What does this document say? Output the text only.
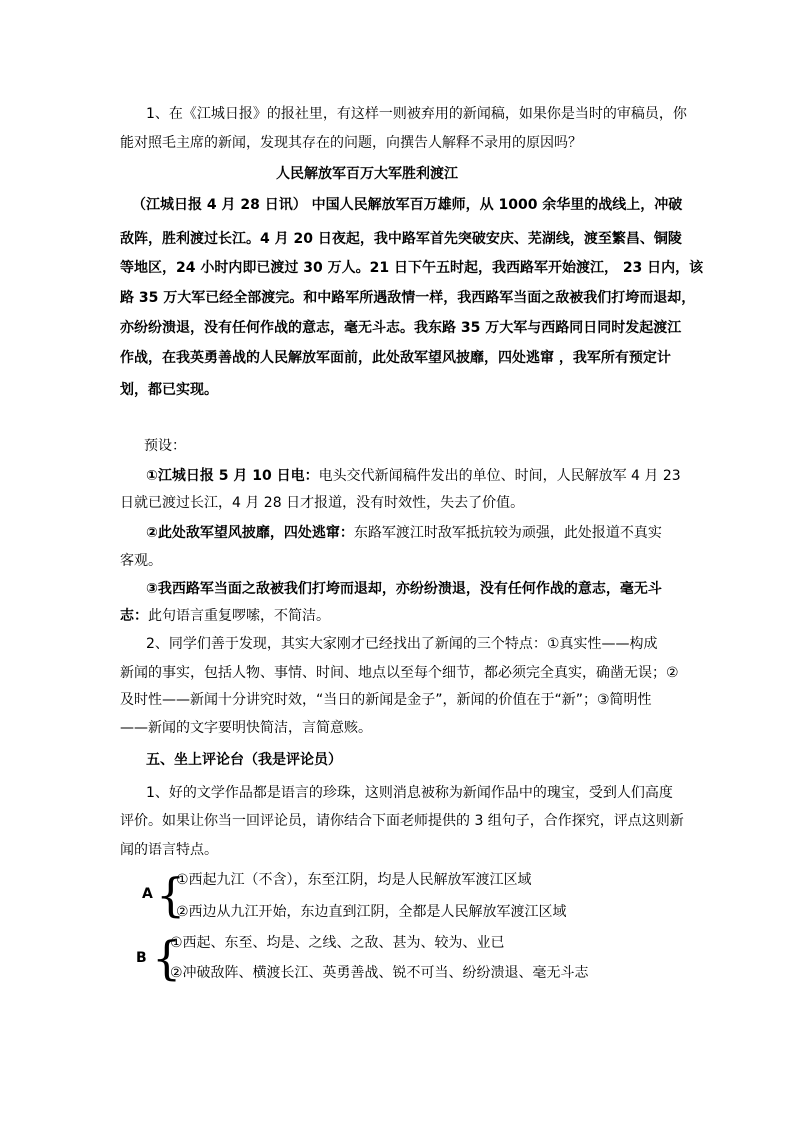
1、在《江城日报》的报社里，有这样一则被弃用的新闻稿，如果你是当时的审稿员，你
能对照毛主席的新闻，发现其存在的问题，向撰告人解释不录用的原因吗？
人民解放军百万大军胜利渡江
（江城日报 4 月 28 日讯） 中国人民解放军百万雄师，从 1000 余华里的战线上，冲破
敌阵，胜利渡过长江。4 月 20 日夜起，我中路军首先突破安庆、芜湖线，渡至繁昌、铜陵
等地区，24 小时内即已渡过 30 万人。21 日下午五时起，我西路军开始渡江， 23 日内，该
路 35 万大军已经全部渡完。和中路军所遇敌情一样，我西路军当面之敌被我们打垮而退却，
亦纷纷溃退，没有任何作战的意志，毫无斗志。我东路 35 万大军与西路同日同时发起渡江
作战，在我英勇善战的人民解放军面前，此处敌军望风披靡，四处逃窜 ，我军所有预定计
划，都已实现。
预设：
①江城日报 5 月 10 日电：电头交代新闻稿件发出的单位、时间，人民解放军 4 月 23
日就已渡过长江，4 月 28 日才报道，没有时效性，失去了价值。
②此处敌军望风披靡，四处逃窜：东路军渡江时敌军抵抗较为顽强，此处报道不真实
客观。
③我西路军当面之敌被我们打垮而退却，亦纷纷溃退，没有任何作战的意志，毫无斗
志：此句语言重复啰嗦，不简洁。
2、同学们善于发现，其实大家刚才已经找出了新闻的三个特点：①真实性——构成
新闻的事实，包括人物、事情、时间、地点以至每个细节，都必须完全真实，确凿无误；②
及时性——新闻十分讲究时效，“当日的新闻是金子”，新闻的价值在于“新”；③简明性
——新闻的文字要明快简洁，言简意赅。
五、坐上评论台（我是评论员）
1、好的文学作品都是语言的珍珠，这则消息被称为新闻作品中的瑰宝，受到人们高度
评价。如果让你当一回评论员，请你结合下面老师提供的 3 组句子，合作探究，评点这则新
闻的语言特点。
A {
①西起九江（不含），东至江阴，均是人民解放军渡江区域
②西边从九江开始，东边直到江阴，全都是人民解放军渡江区域
B {
①西起、东至、均是、之线、之敌、甚为、较为、业已
②冲破敌阵、横渡长江、英勇善战、锐不可当、纷纷溃退、毫无斗志
